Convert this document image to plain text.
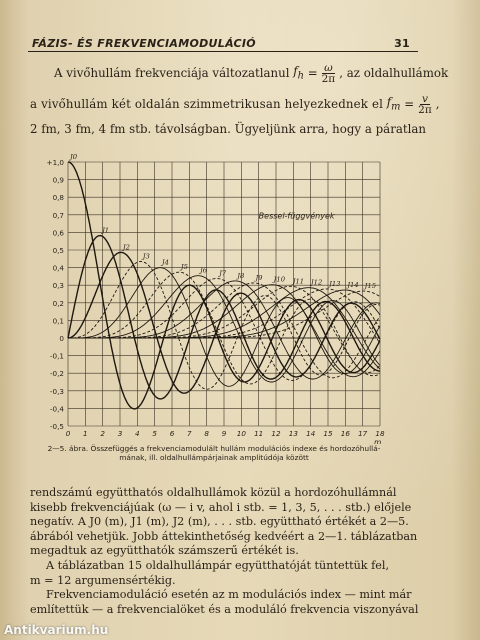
FÁZIS- ÉS FREKVENCIAMODULÁCIÓ	31
A vivőhullám frekvenciája változatlanul
$f_h$
= $\frac{\omega}{2\pi}$ , az oldalhullámok
a vivőhullám két oldalán szimmetrikusan helyezkednek el
$f_m$
= $\frac{v}{2\pi}$ ,
2 fm, 3 fm, 4 fm stb. távolságban. Ügyeljünk arra, hogy a páratlan
+1,0
0,9
0,8
0,7
0,6
0,5
0,4
0,3
0,2
0,1
0
-0,1
-0,2
-0,3
-0,4
-0,5
0 1 2 3 4 5 6 7 8 9 10 11 12 13 14 15 16 17 18
m
J0
J1
J2
J3
J4
J5 J6 J7 J8 J9 J10 J11 J12 J13 J14 J15
Bessel-függvények
2—5. ábra. Összefüggés a frekvenciamodulált hullám modulációs indexe és hordozóhullá-
mának, ill. oldalhullámpárjainak amplitúdója között
rendszámú együtthatós oldalhullámok közül a hordozóhullámnál
kisebb frekvenciájúak (ω — i v, ahol i stb. = 1, 3, 5, . . . stb.) előjele
negatív. A J0 (m), J1 (m), J2 (m), . . . stb. együttható értékét a 2—5.
ábrából vehetjük. Jobb áttekinthetőség kedvéért a 2—1. táblázatban
megadtuk az együtthatók számszerű értékét is.
A táblázatban 15 oldalhullámpár együtthatóját tüntettük fel,
m = 12 argumensértékig.
Frekvenciamoduláció esetén az m modulációs index — mint már
említettük — a frekvencialöket és a moduláló frekvencia viszonyával
Antikvarium.hu
